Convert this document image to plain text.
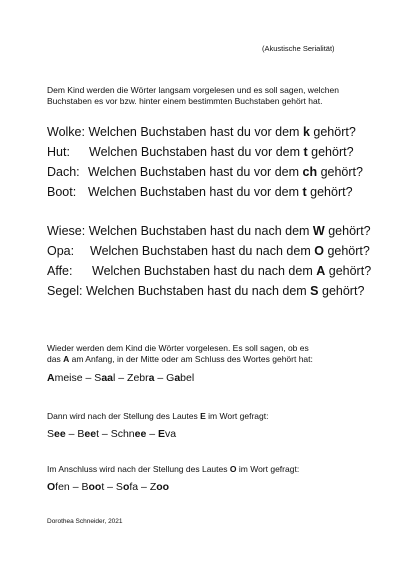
(Akustische Serialität)
Dem Kind werden die Wörter langsam vorgelesen und es soll sagen, welchen Buchstaben es vor bzw. hinter einem bestimmten Buchstaben gehört hat.
Wolke: Welchen Buchstaben hast du vor dem k gehört?
Hut: Welchen Buchstaben hast du vor dem t gehört?
Dach: Welchen Buchstaben hast du vor dem ch gehört?
Boot: Welchen Buchstaben hast du vor dem t gehört?
Wiese: Welchen Buchstaben hast du nach dem W gehört?
Opa: Welchen Buchstaben hast du nach dem O gehört?
Affe: Welchen Buchstaben hast du nach dem A gehört?
Segel: Welchen Buchstaben hast du nach dem S gehört?
Wieder werden dem Kind die Wörter vorgelesen. Es soll sagen, ob es
das A am Anfang, in der Mitte oder am Schluss des Wortes gehört hat:
Ameise – Saal – Zebra – Gabel
Dann wird nach der Stellung des Lautes E im Wort gefragt:
See – Beet – Schnee – Eva
Im Anschluss wird nach der Stellung des Lautes O im Wort gefragt:
Ofen – Boot – Sofa – Zoo
Dorothea Schneider, 2021
